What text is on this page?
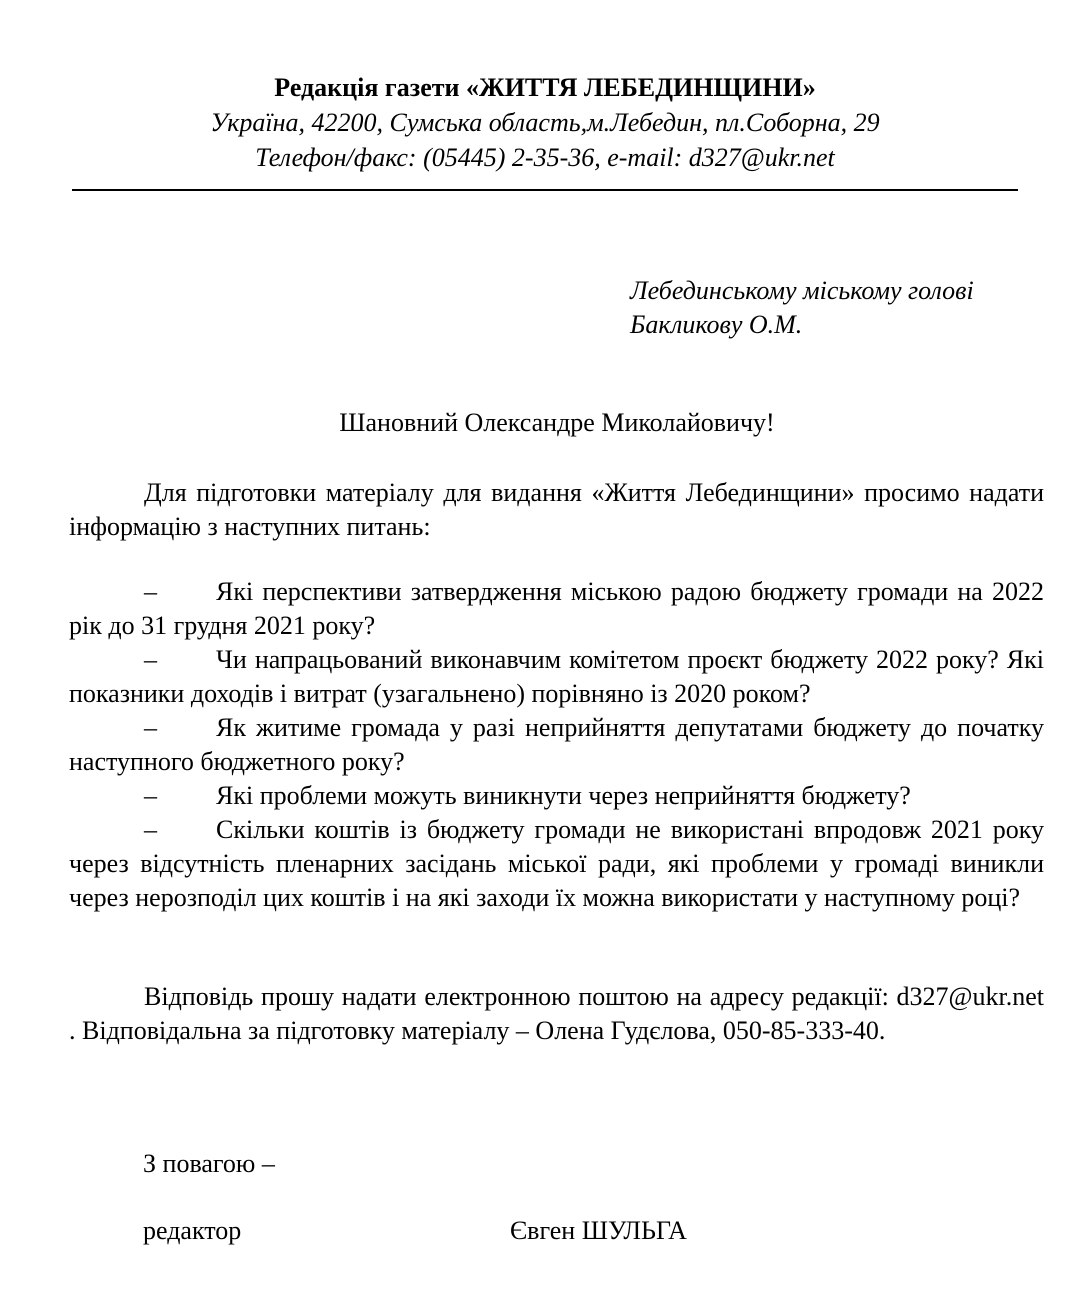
Редакція газети «ЖИТТЯ ЛЕБЕДИНЩИНИ»
Україна, 42200, Сумська область,м.Лебедин, пл.Соборна, 29
Телефон/факс: (05445) 2-35-36, e-mail: d327@ukr.net
Лебединському міському голові
Бакликову О.М.
Шановний Олександре Миколайовичу!
Для підготовки матеріалу для видання «Життя Лебединщини» просимо надати інформацію з наступних питань:
– Які перспективи затвердження міською радою бюджету громади на 2022 рік до 31 грудня 2021 року?
– Чи напрацьований виконавчим комітетом проєкт бюджету 2022 року? Які показники доходів і витрат (узагальнено) порівняно із 2020 роком?
– Як житиме громада у разі неприйняття депутатами бюджету до початку наступного бюджетного року?
– Які проблеми можуть виникнути через неприйняття бюджету?
– Скільки коштів із бюджету громади не використані впродовж 2021 року через відсутність пленарних засідань міської ради, які проблеми у громаді виникли через нерозподіл цих коштів і на які заходи їх можна використати у наступному році?
Відповідь прошу надати електронною поштою на адресу редакції: d327@ukr.net . Відповідальна за підготовку матеріалу – Олена Гудєлова, 050-85-333-40.
З повагою –
редактор	Євген ШУЛЬГА
